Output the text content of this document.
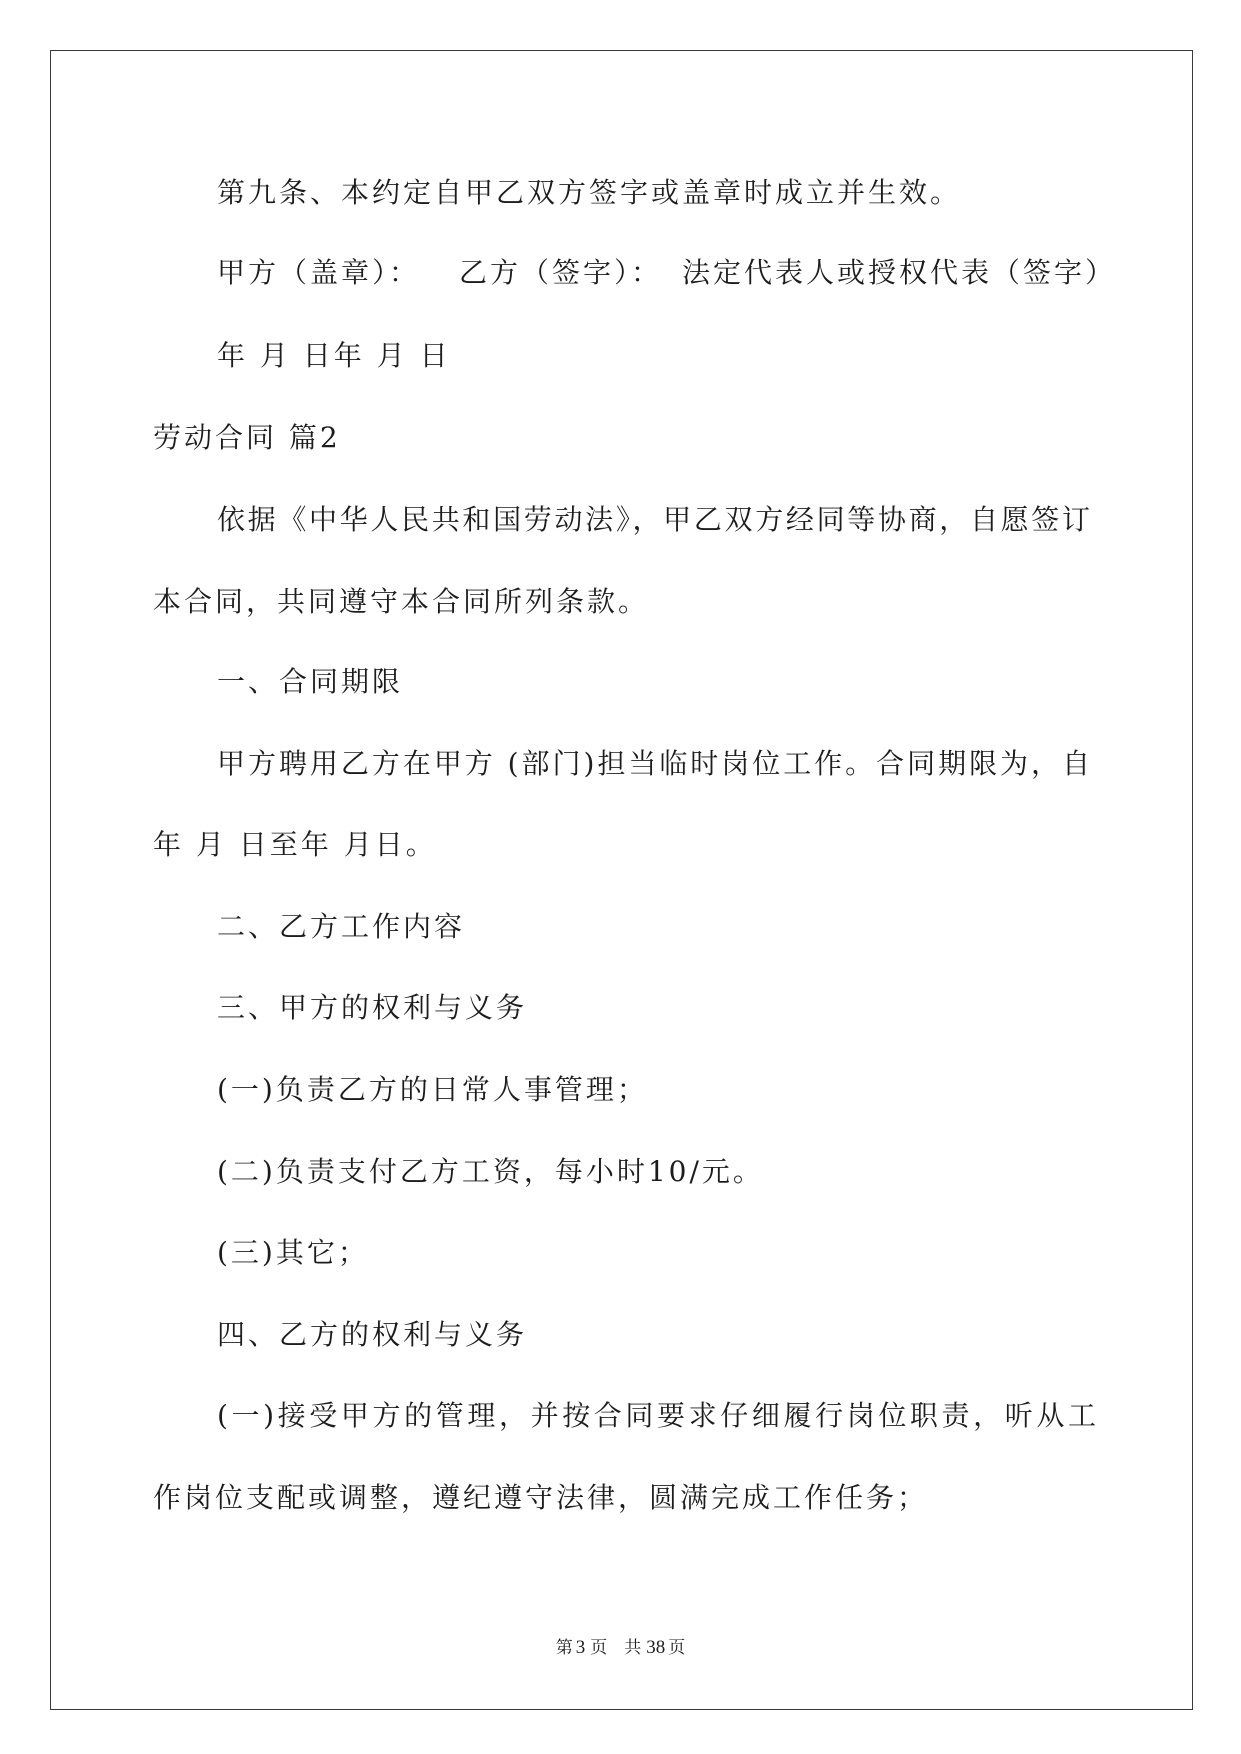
第九条、本约定自甲乙双方签字或盖章时成立并生效。
甲方（盖章）： 乙方（签字）： 法定代表人或授权代表（签字）
年 月 日年 月 日
劳动合同 篇2
依据《中华人民共和国劳动法》，甲乙双方经同等协商，自愿签订
本合同，共同遵守本合同所列条款。
一、合同期限
甲方聘用乙方在甲方 (部门)担当临时岗位工作。合同期限为，自
年 月 日至年 月日。
二、乙方工作内容
三、甲方的权利与义务
(一)负责乙方的日常人事管理；
(二)负责支付乙方工资，每小时10/元。
(三)其它；
四、乙方的权利与义务
(一)接受甲方的管理，并按合同要求仔细履行岗位职责，听从工
作岗位支配或调整，遵纪遵守法律，圆满完成工作任务；
第 3 页　共 38 页
